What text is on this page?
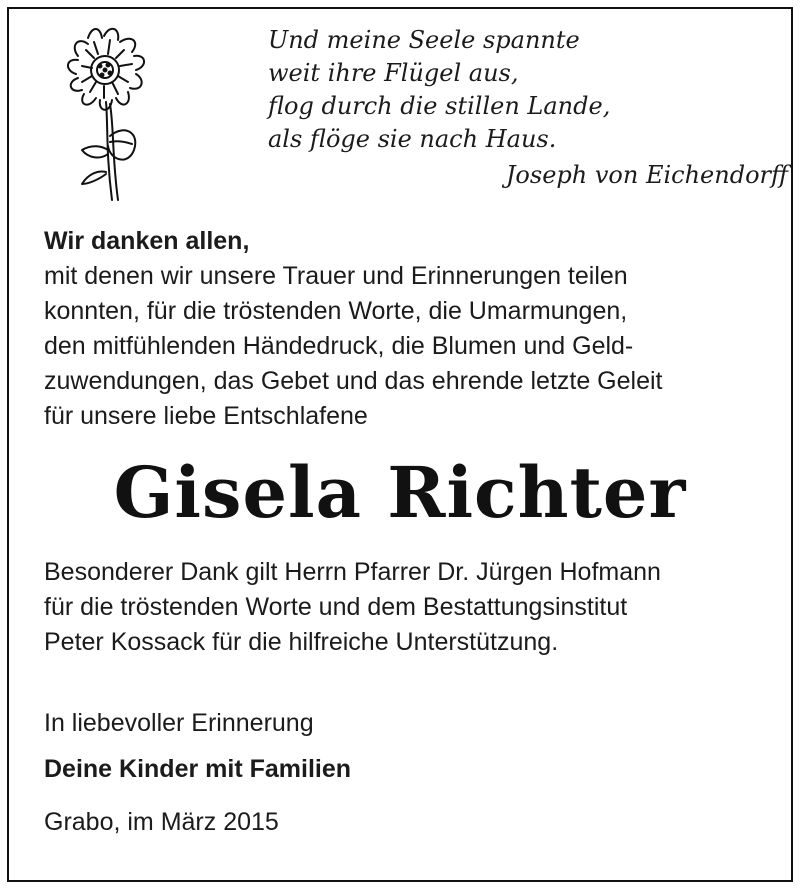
Und meine Seele spannte
weit ihre Flügel aus,
flog durch die stillen Lande,
als flöge sie nach Haus.
Joseph von Eichendorff
Wir danken allen,
mit denen wir unsere Trauer und Erinnerungen teilen
konnten, für die tröstenden Worte, die Umarmungen,
den mitfühlenden Händedruck, die Blumen und Geld-
zuwendungen, das Gebet und das ehrende letzte Geleit
für unsere liebe Entschlafene
Gisela Richter
Besonderer Dank gilt Herrn Pfarrer Dr. Jürgen Hofmann
für die tröstenden Worte und dem Bestattungsinstitut
Peter Kossack für die hilfreiche Unterstützung.
In liebevoller Erinnerung
Deine Kinder mit Familien
Grabo, im März 2015
